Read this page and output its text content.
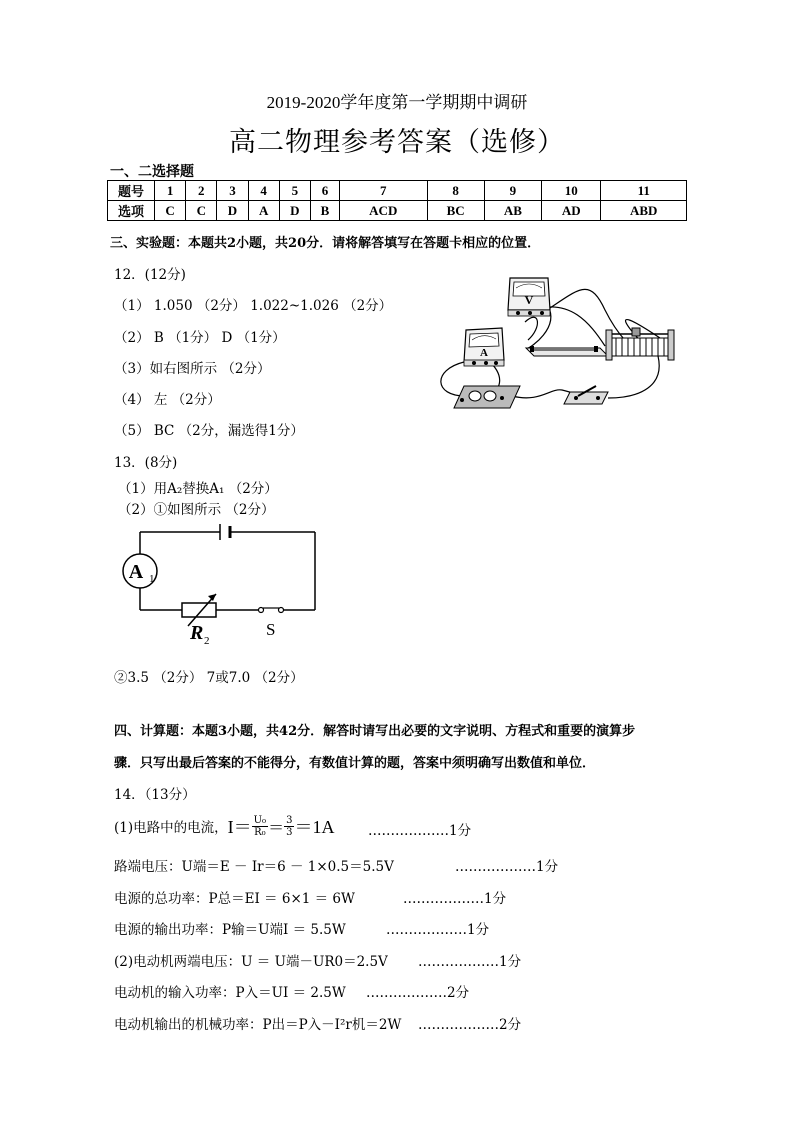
2019-2020学年度第一学期期中调研
高二物理参考答案（选修）
一、二选择题
题号	1	2	3	4	5	6	7	8	9	10	11
选项	C	C	D	A	D	B	ACD	BC	AB	AD	ABD
三、实验题：本题共2小题，共20分．请将解答填写在答题卡相应的位置．
12．(12分)
（1） 1.050 （2分） 1.022~1.026 （2分）
（2） B （1分） D （1分）
（3）如右图所示 （2分）
（4） 左 （2分）
（5） BC （2分，漏选得1分）
V
A
13．(8分)
（1）用A₂替换A₁ （2分）
（2）①如图所示 （2分）
A 1
R 2
S
②3.5 （2分） 7或7.0 （2分）
四、计算题：本题3小题，共42分．解答时请写出必要的文字说明、方程式和重要的演算步
骤．只写出最后答案的不能得分，有数值计算的题，答案中须明确写出数值和单位．
14．（13分）
(1)电路中的电流， $I= \frac{\text{U₀}}{\text{R₀}} = \frac{3}{3} =1A$ ………………1分
路端电压：U端＝E － Ir＝6 － 1×0.5＝5.5V	………………1分
电源的总功率：P总＝EI ＝ 6×1 ＝ 6W	………………1分
电源的输出功率：P输＝U端I ＝ 5.5W	………………1分
(2)电动机两端电压：U ＝ U端－UR0＝2.5V ………………1分
电动机的输入功率：P入＝UI ＝ 2.5W ………………2分
电动机输出的机械功率：P出＝P入－I²r机＝2W ………………2分
